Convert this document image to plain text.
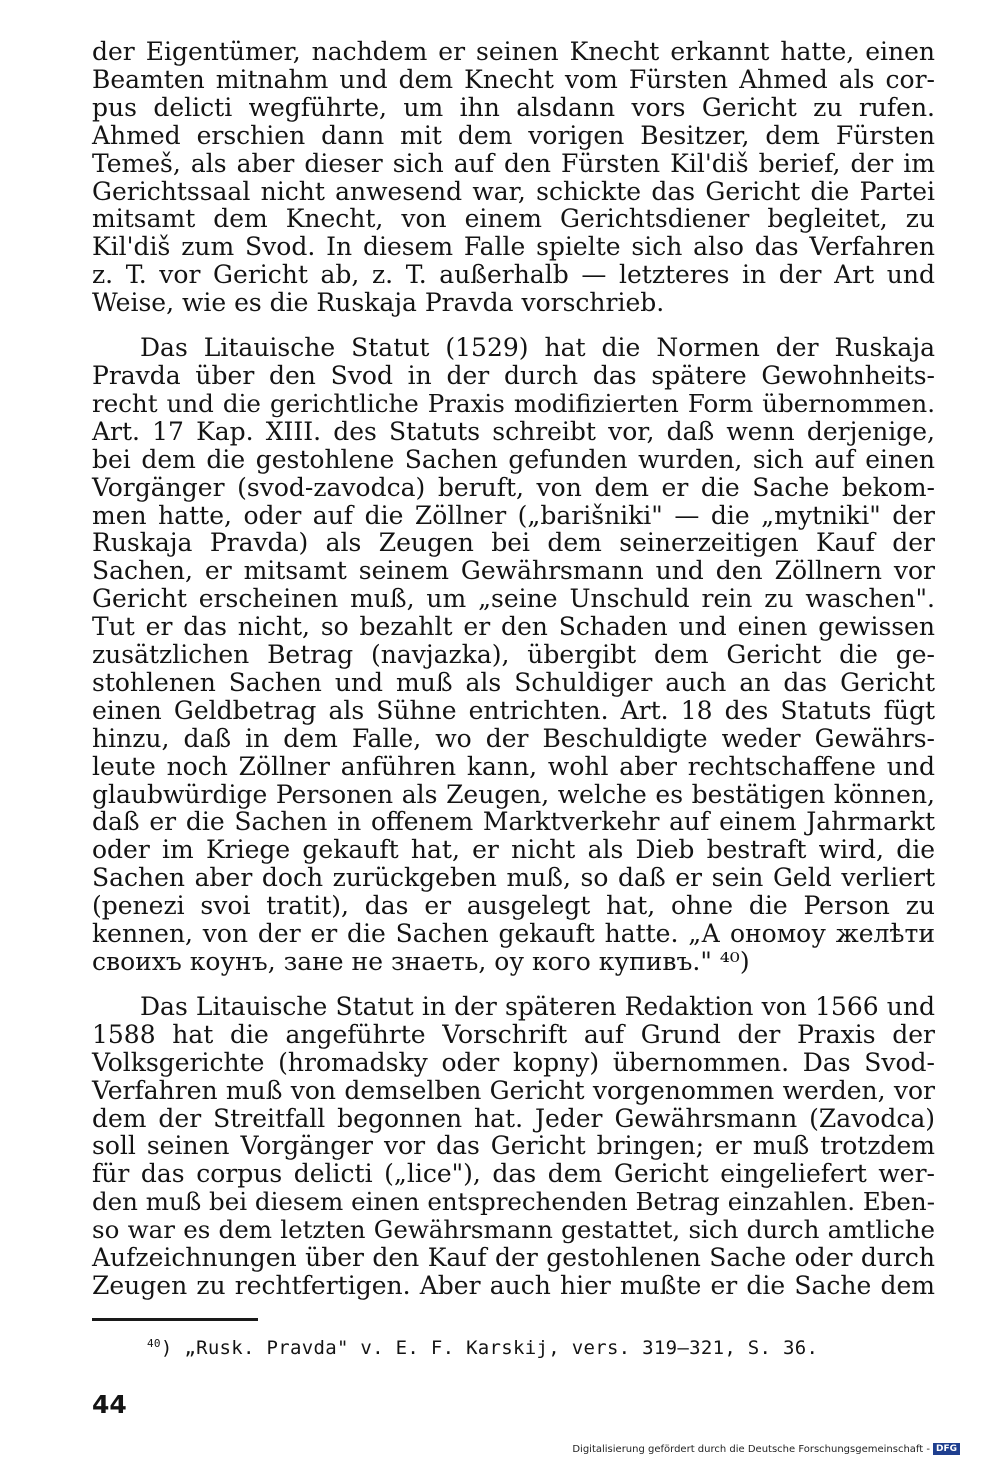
der Eigentümer, nachdem er seinen Knecht erkannt hatte, einen
Beamten mitnahm und dem Knecht vom Fürsten Ahmed als cor-
pus delicti wegführte, um ihn alsdann vors Gericht zu rufen.
Ahmed erschien dann mit dem vorigen Besitzer, dem Fürsten
Temeš, als aber dieser sich auf den Fürsten Kil'diš berief, der im
Gerichtssaal nicht anwesend war, schickte das Gericht die Partei
mitsamt dem Knecht, von einem Gerichtsdiener begleitet, zu
Kil'diš zum Svod. In diesem Falle spielte sich also das Verfahren
z. T. vor Gericht ab, z. T. außerhalb — letzteres in der Art und
Weise, wie es die Ruskaja Pravda vorschrieb.

Das Litauische Statut (1529) hat die Normen der Ruskaja
Pravda über den Svod in der durch das spätere Gewohnheits-
recht und die gerichtliche Praxis modifizierten Form übernommen.
Art. 17 Kap. XIII. des Statuts schreibt vor, daß wenn derjenige,
bei dem die gestohlene Sachen gefunden wurden, sich auf einen
Vorgänger (svod-zavodca) beruft, von dem er die Sache bekom-
men hatte, oder auf die Zöllner („barišniki" — die „mytniki" der
Ruskaja Pravda) als Zeugen bei dem seinerzeitigen Kauf der
Sachen, er mitsamt seinem Gewährsmann und den Zöllnern vor
Gericht erscheinen muß, um „seine Unschuld rein zu waschen".
Tut er das nicht, so bezahlt er den Schaden und einen gewissen
zusätzlichen Betrag (navjazka), übergibt dem Gericht die ge-
stohlenen Sachen und muß als Schuldiger auch an das Gericht
einen Geldbetrag als Sühne entrichten. Art. 18 des Statuts fügt
hinzu, daß in dem Falle, wo der Beschuldigte weder Gewährs-
leute noch Zöllner anführen kann, wohl aber rechtschaffene und
glaubwürdige Personen als Zeugen, welche es bestätigen können,
daß er die Sachen in offenem Marktverkehr auf einem Jahrmarkt
oder im Kriege gekauft hat, er nicht als Dieb bestraft wird, die
Sachen aber doch zurückgeben muß, so daß er sein Geld verliert
(penezi svoi tratit), das er ausgelegt hat, ohne die Person zu
kennen, von der er die Sachen gekauft hatte. „А ономоу желѣти
своихъ коунъ, зане не знаеть, оу кого купивъ." ⁴⁰)

Das Litauische Statut in der späteren Redaktion von 1566 und
1588 hat die angeführte Vorschrift auf Grund der Praxis der
Volksgerichte (hromadsky oder kopny) übernommen. Das Svod-
Verfahren muß von demselben Gericht vorgenommen werden, vor
dem der Streitfall begonnen hat. Jeder Gewährsmann (Zavodca)
soll seinen Vorgänger vor das Gericht bringen; er muß trotzdem
für das corpus delicti („lice"), das dem Gericht eingeliefert wer-
den muß bei diesem einen entsprechenden Betrag einzahlen. Eben-
so war es dem letzten Gewährsmann gestattet, sich durch amtliche
Aufzeichnungen über den Kauf der gestohlenen Sache oder durch
Zeugen zu rechtfertigen. Aber auch hier mußte er die Sache dem

$^{40}$) „Rusk. Pravda" v. E. F. Karskij, vers. 319—321, S. 36.
44
Digitalisierung gefördert durch die Deutsche Forschungsgemeinschaft - DFG
